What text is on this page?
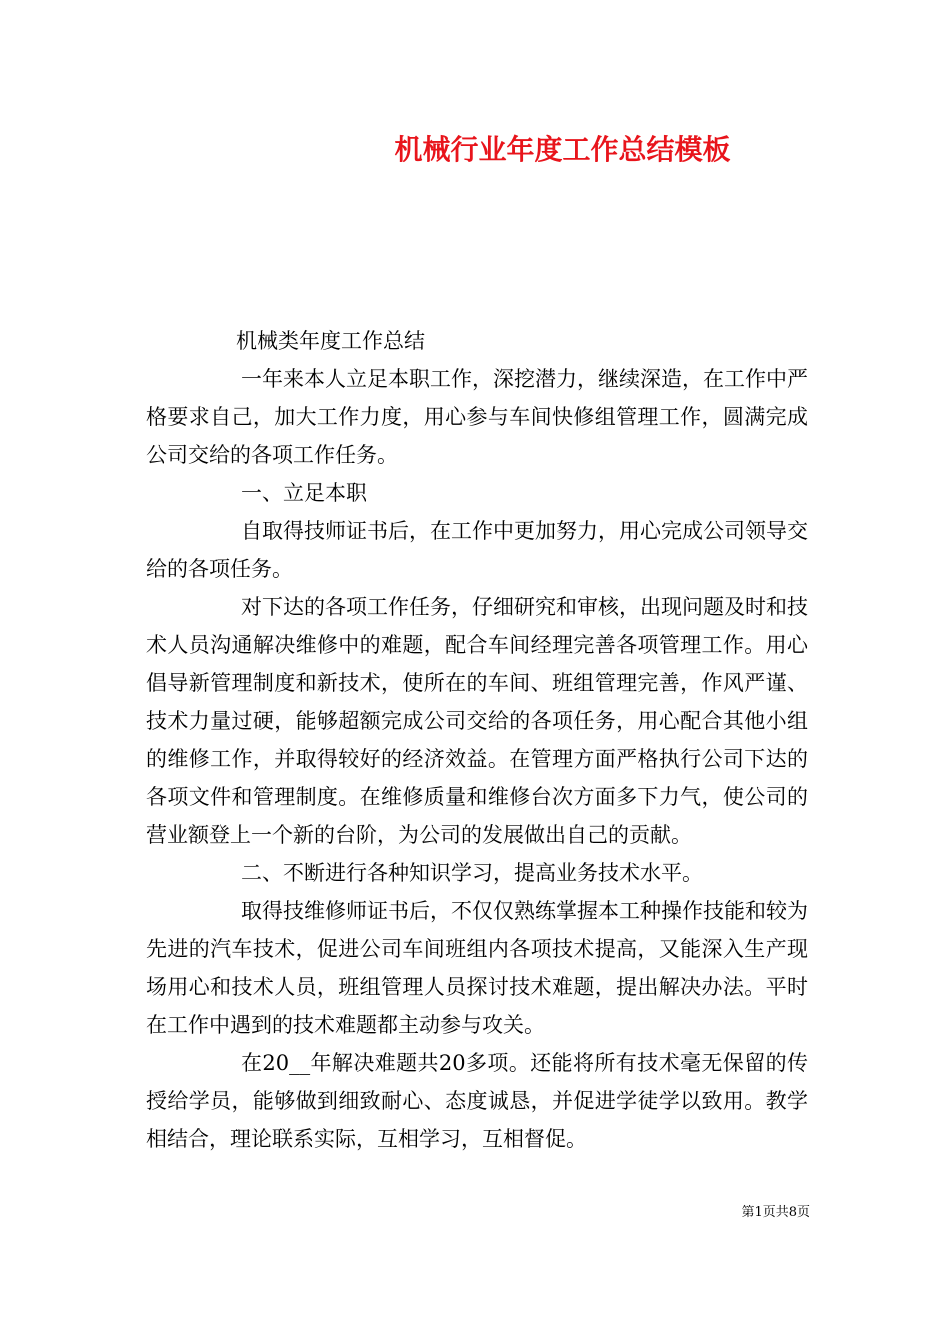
机械行业年度工作总结模板

机械类年度工作总结

一年来本人立足本职工作，深挖潜力，继续深造，在工作中严格要求自己，加大工作力度，用心参与车间快修组管理工作，圆满完成公司交给的各项工作任务。

一、立足本职

自取得技师证书后，在工作中更加努力，用心完成公司领导交给的各项任务。

对下达的各项工作任务，仔细研究和审核，出现问题及时和技术人员沟通解决维修中的难题，配合车间经理完善各项管理工作。用心倡导新管理制度和新技术，使所在的车间、班组管理完善，作风严谨、技术力量过硬，能够超额完成公司交给的各项任务，用心配合其他小组的维修工作，并取得较好的经济效益。在管理方面严格执行公司下达的各项文件和管理制度。在维修质量和维修台次方面多下力气，使公司的营业额登上一个新的台阶，为公司的发展做出自己的贡献。

二、不断进行各种知识学习，提高业务技术水平。

取得技维修师证书后，不仅仅熟练掌握本工种操作技能和较为先进的汽车技术，促进公司车间班组内各项技术提高，又能深入生产现场用心和技术人员，班组管理人员探讨技术难题，提出解决办法。平时在工作中遇到的技术难题都主动参与攻关。

在20__年解决难题共20多项。还能将所有技术毫无保留的传授给学员，能够做到细致耐心、态度诚恳，并促进学徒学以致用。教学相结合，理论联系实际，互相学习，互相督促。

第1页共8页
